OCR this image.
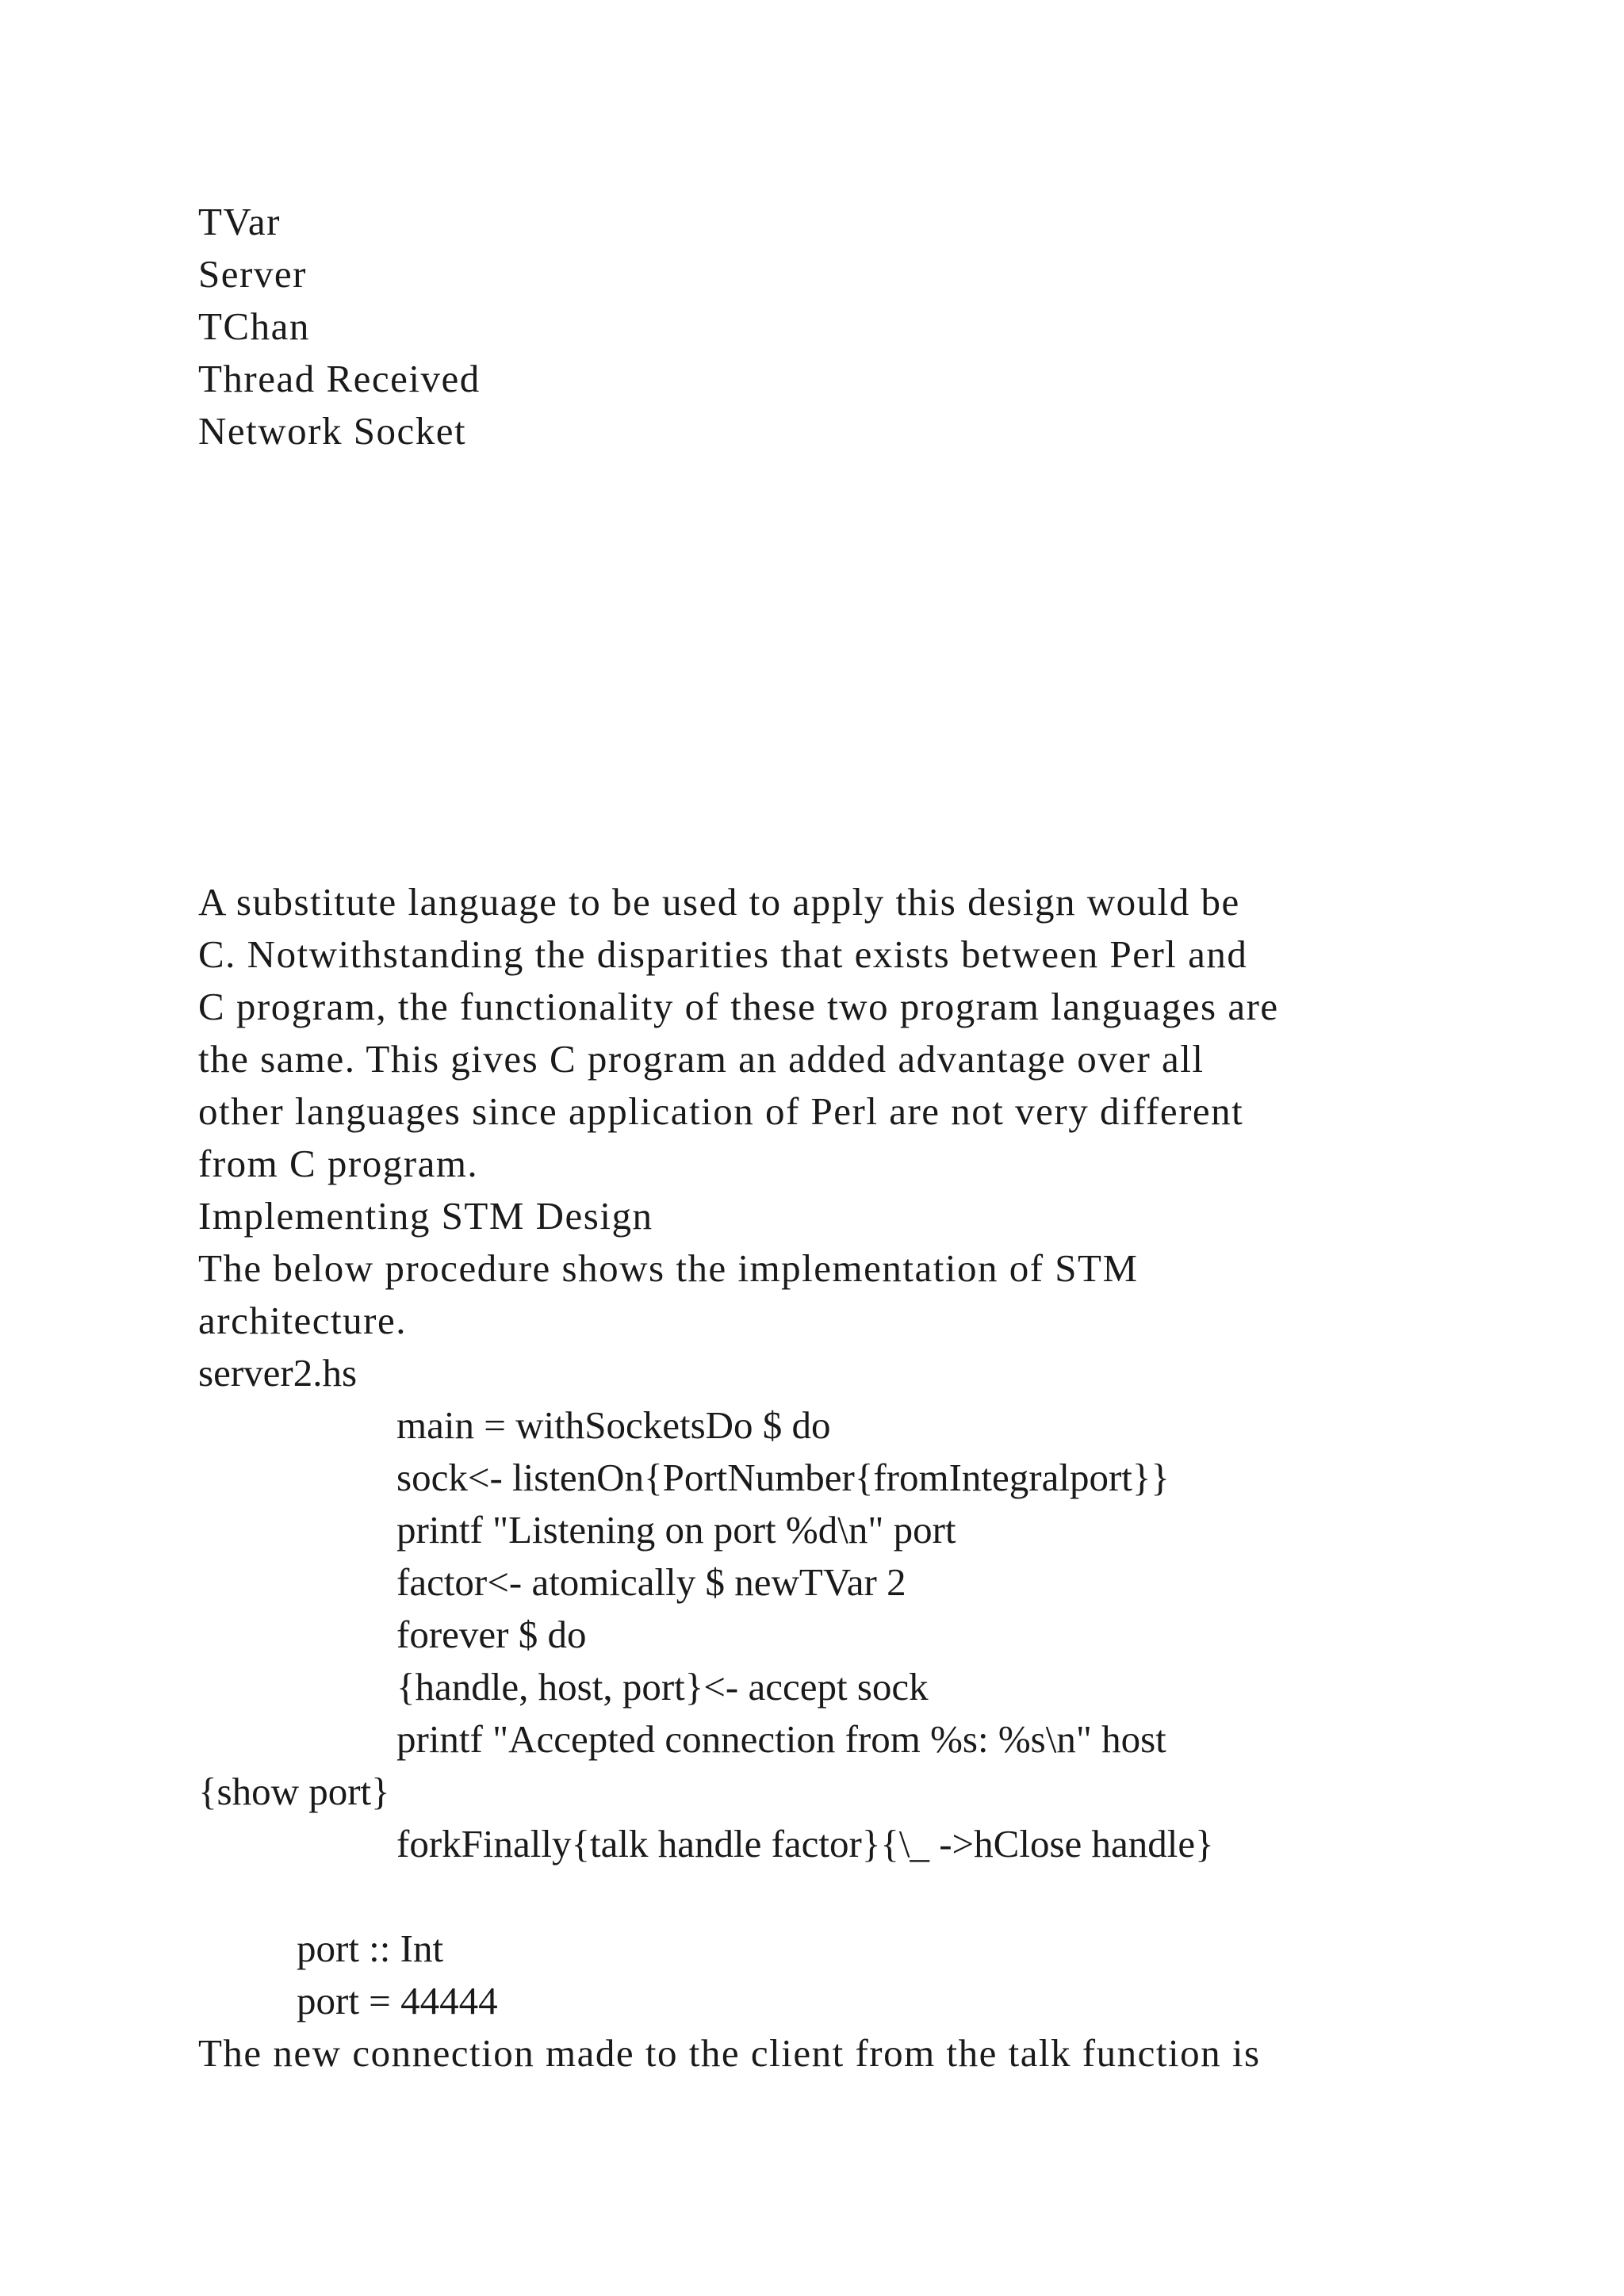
TVar

Server

TChan

Thread Received

Network Socket

A substitute language to be used to apply this design would be

C. Notwithstanding the disparities that exists between Perl and

C program, the functionality of these two program languages are

the same. This gives C program an added advantage over all

other languages since application of Perl are not very different

from C program.

Implementing STM Design

The below procedure shows the implementation of STM

architecture.

server2.hs

main = withSocketsDo $ do

sock<- listenOn{PortNumber{fromIntegralport}}

printf "Listening on port %d\n" port

factor<- atomically $ newTVar 2

forever $ do

{handle, host, port}<- accept sock

printf "Accepted connection from %s: %s\n" host

{show port}

forkFinally{talk handle factor}{\_ ->hClose handle}

port :: Int

port = 44444

The new connection made to the client from the talk function is
